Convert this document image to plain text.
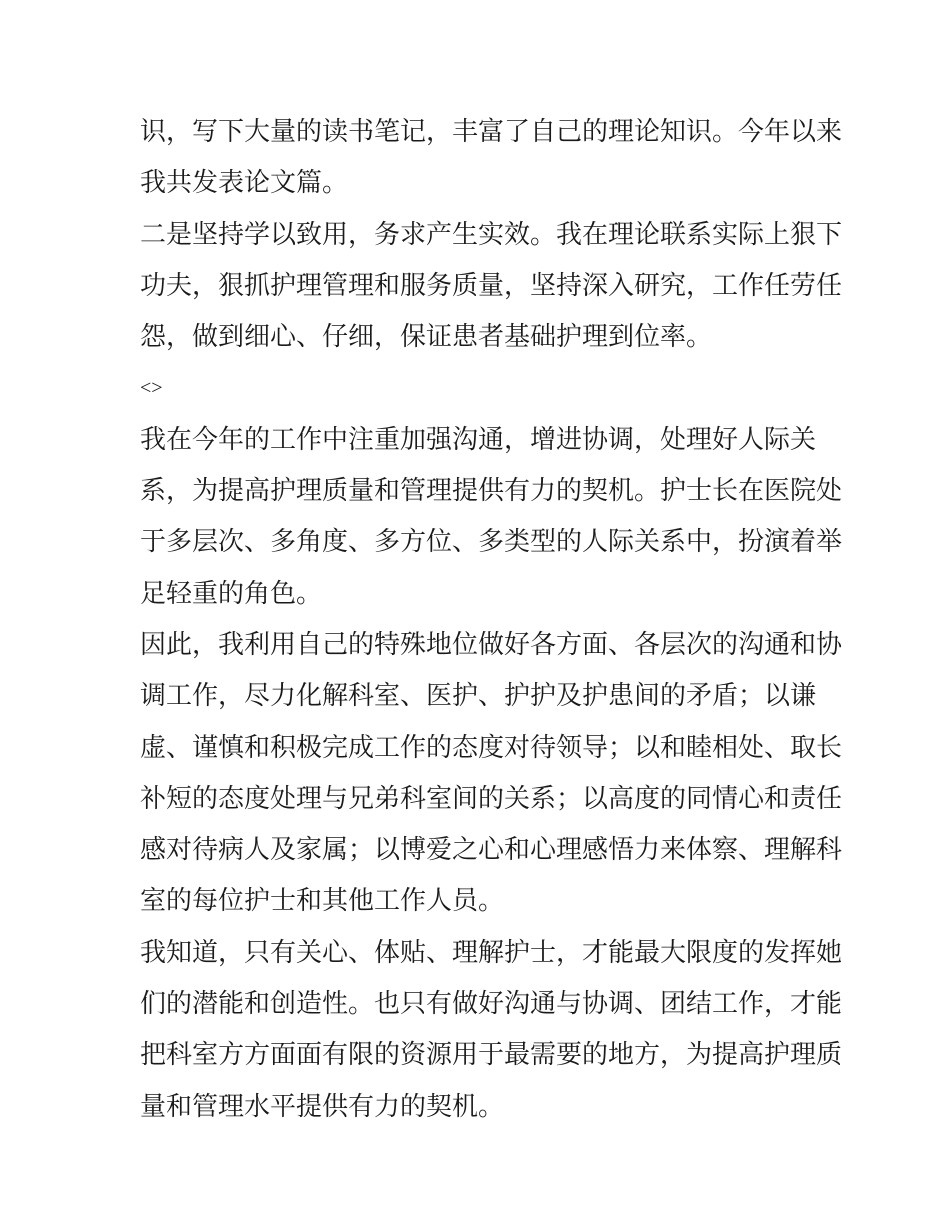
识，写下大量的读书笔记，丰富了自己的理论知识。今年以来
我共发表论文篇。
二是坚持学以致用，务求产生实效。我在理论联系实际上狠下
功夫，狠抓护理管理和服务质量，坚持深入研究，工作任劳任
怨，做到细心、仔细，保证患者基础护理到位率。
<>
我在今年的工作中注重加强沟通，增进协调，处理好人际关
系，为提高护理质量和管理提供有力的契机。护士长在医院处
于多层次、多角度、多方位、多类型的人际关系中，扮演着举
足轻重的角色。
因此，我利用自己的特殊地位做好各方面、各层次的沟通和协
调工作，尽力化解科室、医护、护护及护患间的矛盾；以谦
虚、谨慎和积极完成工作的态度对待领导；以和睦相处、取长
补短的态度处理与兄弟科室间的关系；以高度的同情心和责任
感对待病人及家属；以博爱之心和心理感悟力来体察、理解科
室的每位护士和其他工作人员。
我知道，只有关心、体贴、理解护士，才能最大限度的发挥她
们的潜能和创造性。也只有做好沟通与协调、团结工作，才能
把科室方方面面有限的资源用于最需要的地方，为提高护理质
量和管理水平提供有力的契机。
